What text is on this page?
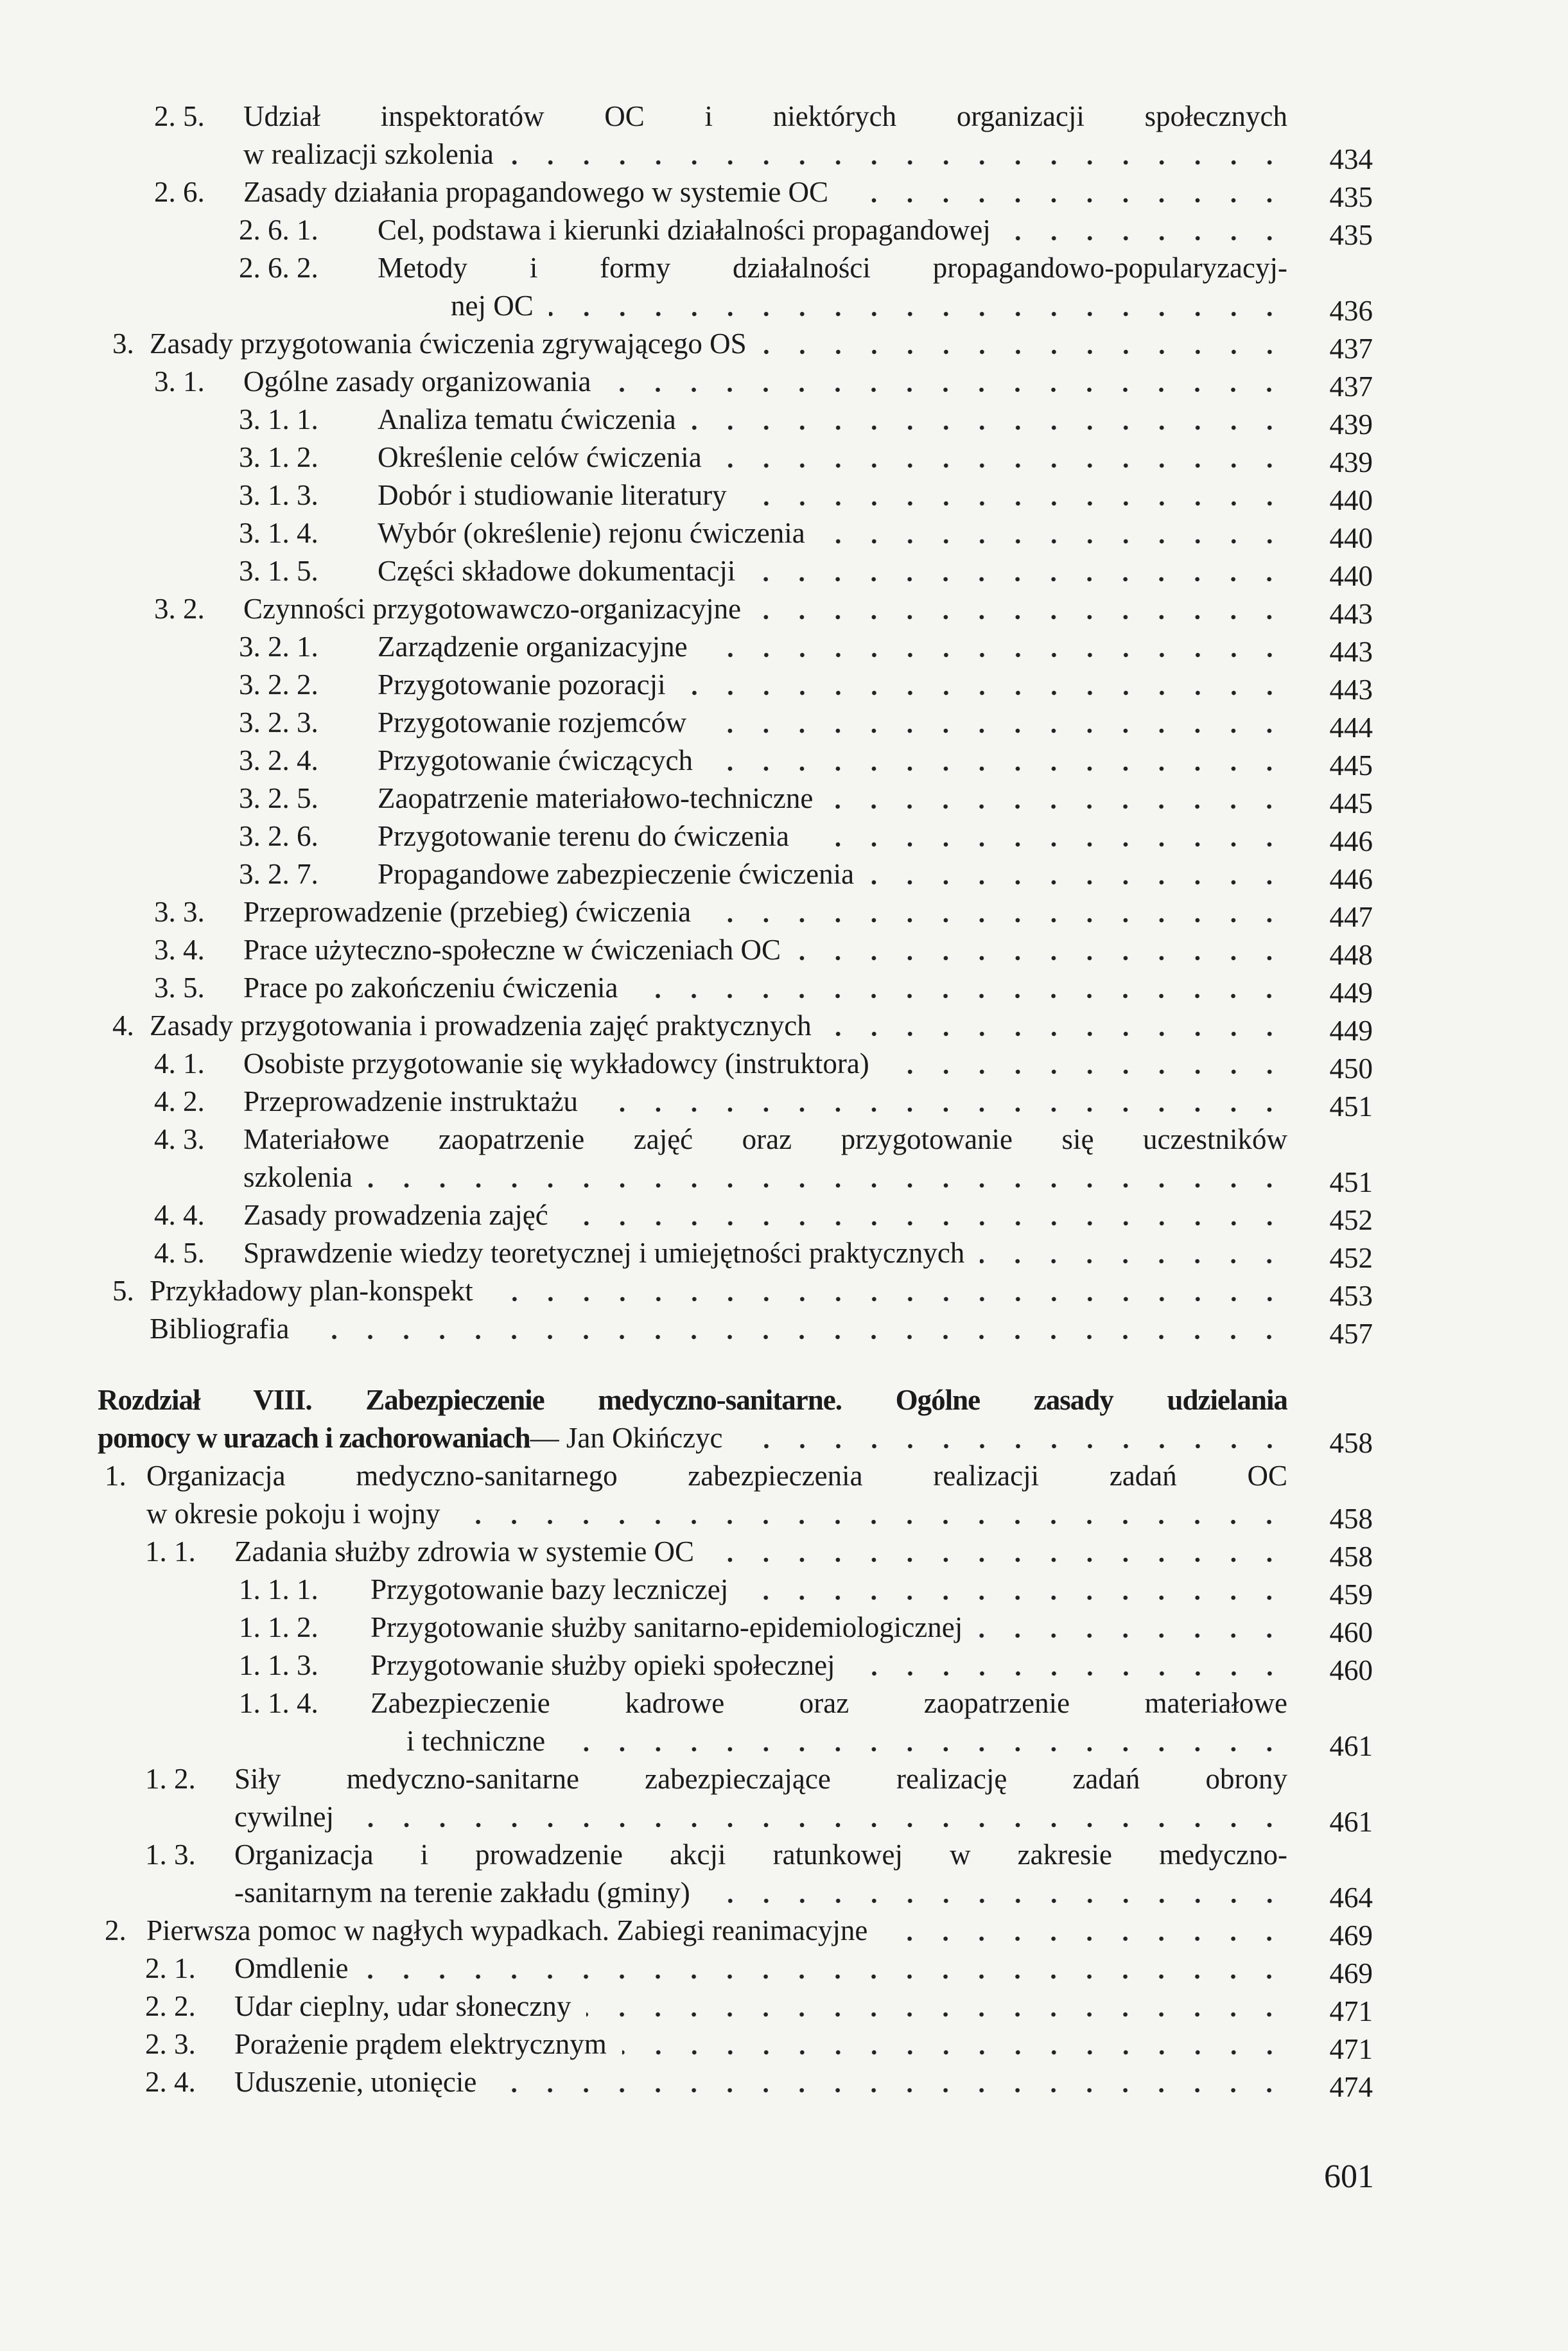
2. 5. Udział inspektoratów OC i niektórych organizacji społecznych
w realizacji szkolenia	434
2. 6. Zasady działania propagandowego w systemie OC	435
2. 6. 1. Cel, podstawa i kierunki działalności propagandowej	435
2. 6. 2. Metody i formy działalności propagandowo-popularyzacyj-
nej OC	436
3. Zasady przygotowania ćwiczenia zgrywającego OS	437
3. 1. Ogólne zasady organizowania	437
3. 1. 1. Analiza tematu ćwiczenia	439
3. 1. 2. Określenie celów ćwiczenia	439
3. 1. 3. Dobór i studiowanie literatury	440
3. 1. 4. Wybór (określenie) rejonu ćwiczenia	440
3. 1. 5. Części składowe dokumentacji	440
3. 2. Czynności przygotowawczo-organizacyjne	443
3. 2. 1. Zarządzenie organizacyjne	443
3. 2. 2. Przygotowanie pozoracji	443
3. 2. 3. Przygotowanie rozjemców	444
3. 2. 4. Przygotowanie ćwiczących	445
3. 2. 5. Zaopatrzenie materiałowo-techniczne	445
3. 2. 6. Przygotowanie terenu do ćwiczenia	446
3. 2. 7. Propagandowe zabezpieczenie ćwiczenia	446
3. 3. Przeprowadzenie (przebieg) ćwiczenia	447
3. 4. Prace użyteczno-społeczne w ćwiczeniach OC	448
3. 5. Prace po zakończeniu ćwiczenia	449
4. Zasady przygotowania i prowadzenia zajęć praktycznych	449
4. 1. Osobiste przygotowanie się wykładowcy (instruktora)	450
4. 2. Przeprowadzenie instruktażu	451
4. 3. Materiałowe zaopatrzenie zajęć oraz przygotowanie się uczestników
szkolenia	451
4. 4. Zasady prowadzenia zajęć	452
4. 5. Sprawdzenie wiedzy teoretycznej i umiejętności praktycznych	452
5. Przykładowy plan-konspekt	453
Bibliografia	457
Rozdział VIII. Zabezpieczenie medyczno-sanitarne. Ogólne zasady udzielania
pomocy w urazach i zachorowaniach — Jan Okińczyc	458
1. Organizacja medyczno-sanitarnego zabezpieczenia realizacji zadań OC
w okresie pokoju i wojny	458
1. 1. Zadania służby zdrowia w systemie OC	458
1. 1. 1. Przygotowanie bazy leczniczej	459
1. 1. 2. Przygotowanie służby sanitarno-epidemiologicznej	460
1. 1. 3. Przygotowanie służby opieki społecznej	460
1. 1. 4. Zabezpieczenie kadrowe oraz zaopatrzenie materiałowe
i techniczne	461
1. 2. Siły medyczno-sanitarne zabezpieczające realizację zadań obrony
cywilnej	461
1. 3. Organizacja i prowadzenie akcji ratunkowej w zakresie medyczno-
-sanitarnym na terenie zakładu (gminy)	464
2. Pierwsza pomoc w nagłych wypadkach. Zabiegi reanimacyjne	469
2. 1. Omdlenie	469
2. 2. Udar cieplny, udar słoneczny	471
2. 3. Porażenie prądem elektrycznym	471
2. 4. Uduszenie, utonięcie	474
601
